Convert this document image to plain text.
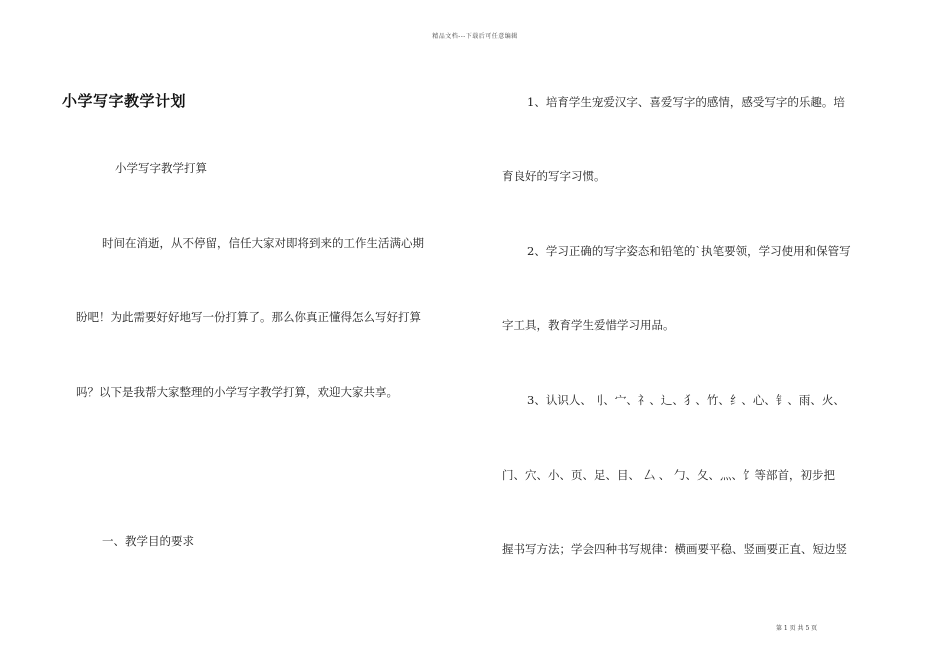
精品文档---下载后可任意编辑
小学写字教学计划
小学写字教学打算
时间在消逝，从不停留，信任大家对即将到来的工作生活满心期
盼吧！为此需要好好地写一份打算了。那么你真正懂得怎么写好打算
吗？以下是我帮大家整理的小学写字教学打算，欢迎大家共享。
一、教学目的要求
1、培育学生宠爱汉字、喜爱写字的感情，感受写字的乐趣。培
育良好的写字习惯。
2、学习正确的写字姿态和铅笔的`执笔要领，学习使用和保管写
字工具，教育学生爱惜学习用品。
3、认识人、刂、宀、礻、辶、犭、竹、纟、心、钅、雨、火、
门、穴、小、页、足、目、 厶 、 勹、夂、灬、饣等部首，初步把
握书写方法；学会四种书写规律：横画要平稳、竖画要正直、短边竖
第 1 页 共 5 页
